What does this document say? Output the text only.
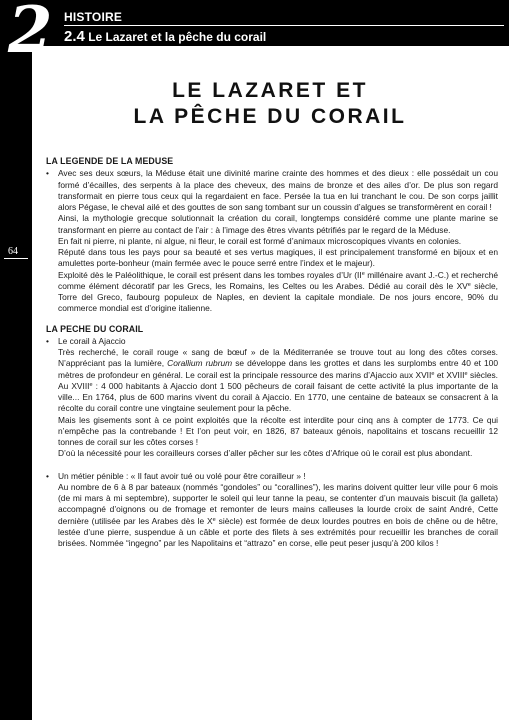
2 HISTOIRE
2.4 Le Lazaret et la pêche du corail
64
LE LAZARET ET
LA PÊCHE DU CORAIL
LA LEGENDE DE LA MEDUSE
• Avec ses deux sœurs, la Méduse était une divinité marine crainte des hommes et des dieux : elle possédait un cou formé d’écailles, des serpents à la place des cheveux, des mains de bronze et des ailes d’or. De plus son regard transformait en pierre tous ceux qui la regardaient en face. Persée la tua en lui tranchant le cou. De son corps jaillit alors Pégase, le cheval ailé et des gouttes de son sang tombant sur un coussin d’algues se transformèrent en corail !
Ainsi, la mythologie grecque solutionnait la création du corail, longtemps considéré comme une plante marine se transformant en pierre au contact de l’air : à l’image des êtres vivants pétrifiés par le regard de la Méduse.
En fait ni pierre, ni plante, ni algue, ni fleur, le corail est formé d’animaux microscopiques vivants en colonies.
Réputé dans tous les pays pour sa beauté et ses vertus magiques, il est principalement transformé en bijoux et en amulettes porte-bonheur (main fermée avec le pouce serré entre l’index et le majeur).
Exploité dès le Paléolithique, le corail est présent dans les tombes royales d’Ur (IIe millénaire avant J.-C.) et recherché comme élément décoratif par les Grecs, les Romains, les Celtes ou les Arabes. Dédié au corail dès le XVe siècle, Torre del Greco, faubourg populeux de Naples, en devient la capitale mondiale. De nos jours encore, 90% du commerce mondial est d’origine italienne.
LA PECHE DU CORAIL
• Le corail à Ajaccio
Très recherché, le corail rouge « sang de bœuf » de la Méditerranée se trouve tout au long des côtes corses. N’appréciant pas la lumière, Corallium rubrum se développe dans les grottes et dans les surplombs entre 40 et 100 mètres de profondeur en général. Le corail est la principale ressource des marins d’Ajaccio aux XVIIe et XVIIIe siècles. Au XVIIIe : 4 000 habitants à Ajaccio dont 1 500 pêcheurs de corail faisant de cette activité la plus importante de la ville... En 1764, plus de 600 marins vivent du corail à Ajaccio. En 1770, une centaine de bateaux se consacrent à la récolte du corail contre une vingtaine seulement pour la pêche.
Mais les gisements sont à ce point exploités que la récolte est interdite pour cinq ans à compter de 1773. Ce qui n’empêche pas la contrebande ! Et l’on peut voir, en 1826, 87 bateaux génois, napolitains et toscans recueillir 12 tonnes de corail sur les côtes corses !
D’où la nécessité pour les corailleurs corses d’aller pêcher sur les côtes d’Afrique où le corail est plus abondant.
• Un métier pénible : « Il faut avoir tué ou volé pour être corailleur » !
Au nombre de 6 à 8 par bateaux (nommés “gondoles” ou “corallines”), les marins doivent quitter leur ville pour 6 mois (de mi mars à mi septembre), supporter le soleil qui leur tanne la peau, se contenter d’un mauvais biscuit (la galleta) accompagné d’oignons ou de fromage et remonter de leurs mains calleuses la lourde croix de saint André, Cette dernière (utilisée par les Arabes dès le Xe siècle) est formée de deux lourdes poutres en bois de chêne ou de hêtre, lestée d’une pierre, suspendue à un câble et porte des filets à ses extrémités pour recueillir les branches de corail brisées. Nommée “ingegno” par les Napolitains et “attrazo” en corse, elle peut peser jusqu’à 200 kilos !
